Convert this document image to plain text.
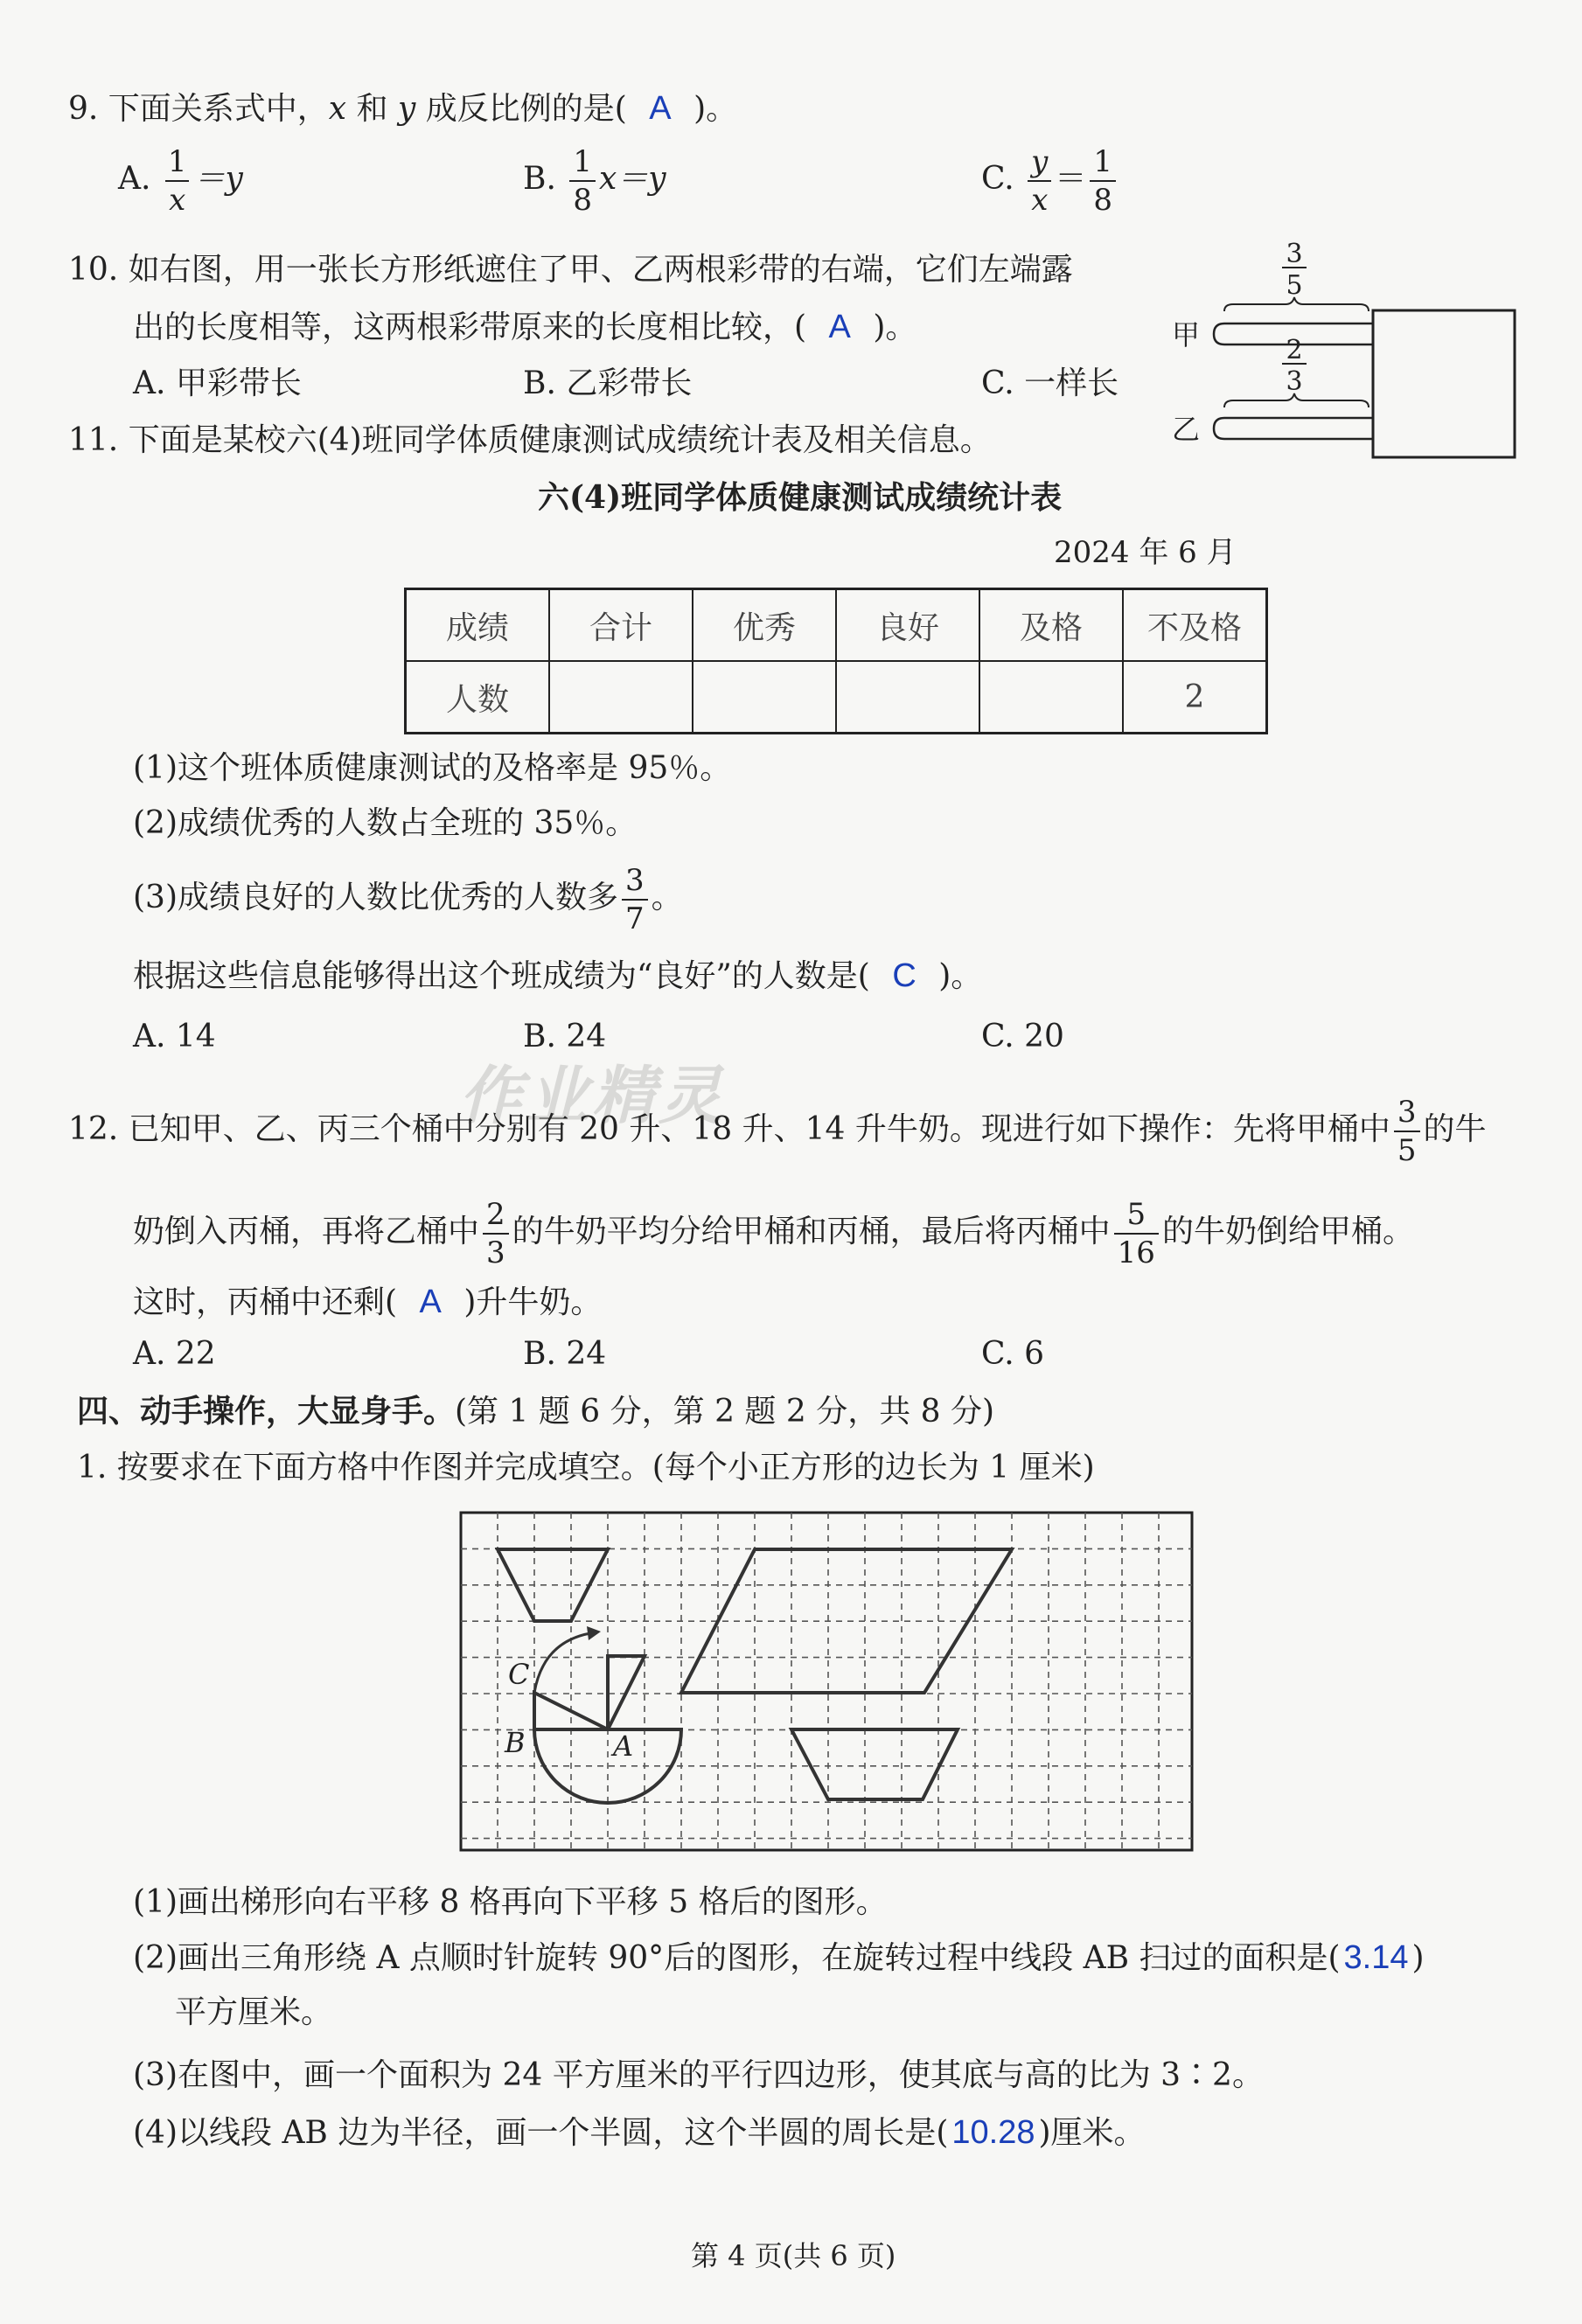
9. 下面关系式中，x 和 y 成反比例的是( A )。
A. $\frac{1}{x} =y$	B. $\frac{1}{8} x=y$	C. $\frac{y}{x} = \frac{1}{8}$
10. 如右图，用一张长方形纸遮住了甲、乙两根彩带的右端，它们左端露
出的长度相等，这两根彩带原来的长度相比较，( A )。
A. 甲彩带长	B. 乙彩带长	C. 一样长
3
5
2
3
甲
乙
11. 下面是某校六(4)班同学体质健康测试成绩统计表及相关信息。
六(4)班同学体质健康测试成绩统计表
2024 年 6 月
成绩	合计	优秀	良好	及格	不及格
人数					2
(1)这个班体质健康测试的及格率是 95％。
(2)成绩优秀的人数占全班的 35％。
(3)成绩良好的人数比优秀的人数多 $\frac{3}{7}$ 。
根据这些信息能够得出这个班成绩为“良好”的人数是( C )。
A. 14	B. 24	C. 20
作业精灵
12. 已知甲、乙、丙三个桶中分别有 20 升、18 升、14 升牛奶。现进行如下操作：先将甲桶中 $\frac{3}{5}$ 的牛
奶倒入丙桶，再将乙桶中 $\frac{2}{3}$ 的牛奶平均分给甲桶和丙桶，最后将丙桶中 $\frac{5}{16}$ 的牛奶倒给甲桶。
这时，丙桶中还剩( A )升牛奶。
A. 22	B. 24	C. 6
四、动手操作，大显身手。(第 1 题 6 分，第 2 题 2 分，共 8 分)
1. 按要求在下面方格中作图并完成填空。(每个小正方形的边长为 1 厘米)
C
B	A
(1)画出梯形向右平移 8 格再向下平移 5 格后的图形。
(2)画出三角形绕 A 点顺时针旋转 90°后的图形，在旋转过程中线段 AB 扫过的面积是( 3.14 )
平方厘米。
(3)在图中，画一个面积为 24 平方厘米的平行四边形，使其底与高的比为 3∶2。
(4)以线段 AB 边为半径，画一个半圆，这个半圆的周长是( 10.28 )厘米。
第 4 页(共 6 页)
